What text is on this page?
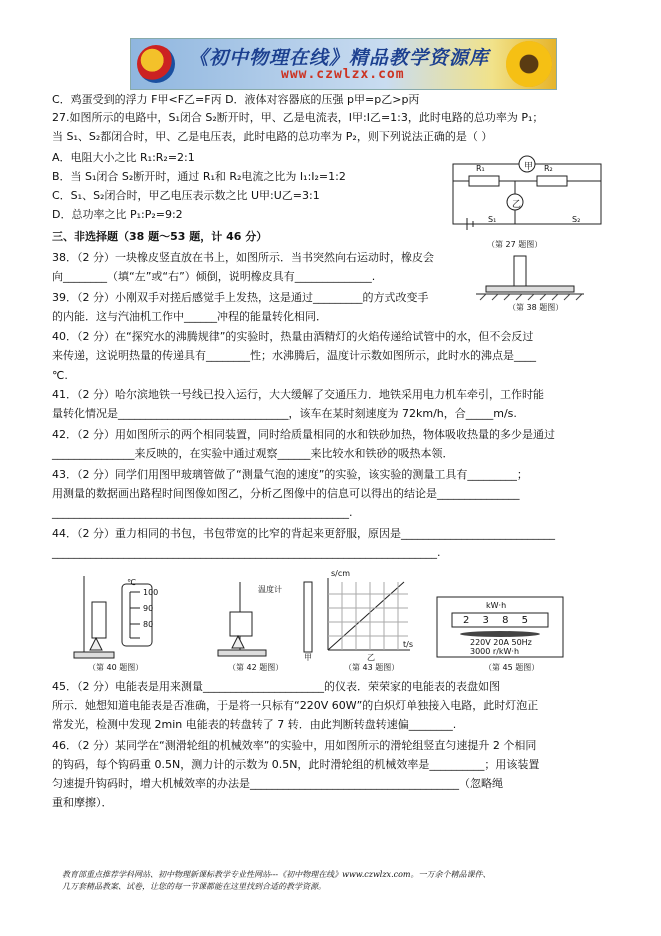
《初中物理在线》精品教学资源库
www.czwlzx.com
C．鸡蛋受到的浮力 F甲<F乙=F丙 D．液体对容器底的压强 p甲=p乙>p丙
27.如图所示的电路中，S₁闭合 S₂断开时，甲、乙是电流表，I甲:I乙=1:3，此时电路的总功率为 P₁；
当 S₁、S₂都闭合时，甲、乙是电压表，此时电路的总功率为 P₂，则下列说法正确的是（ ）
A．电阻大小之比 R₁:R₂=2:1
B．当 S₁闭合 S₂断开时，通过 R₁和 R₂电流之比为 I₁:I₂=1:2
C．S₁、S₂闭合时，甲乙电压表示数之比 U甲:U乙=3:1
D．总功率之比 P₁:P₂=9:2
三、非选择题（38 题～53 题，计 46 分）
38．（2 分）一块橡皮竖直放在书上，如图所示．当书突然向右运动时，橡皮会
向________（填“左”或“右”）倾倒，说明橡皮具有______________.
39．（2 分）小刚双手对搓后感觉手上发热，这是通过_________的方式改变手
的内能．这与汽油机工作中______冲程的能量转化相同．
40．（2 分）在“探究水的沸腾规律”的实验时，热量由酒精灯的火焰传递给试管中的水，但不会反过
来传递，这说明热量的传递具有________性；水沸腾后，温度计示数如图所示，此时水的沸点是____
℃.
41．（2 分）哈尔滨地铁一号线已投入运行，大大缓解了交通压力．地铁采用电力机车牵引，工作时能
量转化情况是_______________________________，该车在某时刻速度为 72km/h，合_____m/s.
42．（2 分）用如图所示的两个相同装置，同时给质量相同的水和铁砂加热，物体吸收热量的多少是通过
_______________来反映的，在实验中通过观察______来比较水和铁砂的吸热本领．
43．（2 分）同学们用图甲玻璃管做了“测量气泡的速度”的实验，该实验的测量工具有_________；
用测量的数据画出路程时间图像如图乙，分析乙图像中的信息可以得出的结论是_______________
______________________________________________________.
44．（2 分）重力相同的书包，书包带宽的比窄的背起来更舒服，原因是____________________________
______________________________________________________________________.
45．（2 分）电能表是用来测量______________________的仪表．荣荣家的电能表的表盘如图
所示．她想知道电能表是否准确，于是将一只标有“220V 60W”的白炽灯单独接入电路，此时灯泡正
常发光，检测中发现 2min 电能表的转盘转了 7 转．由此判断转盘转速偏________.
46．（2 分）某同学在“测滑轮组的机械效率”的实验中，用如图所示的滑轮组竖直匀速提升 2 个相同
的钩码，每个钩码重 0.5N，测力计的示数为 0.5N，此时滑轮组的机械效率是__________；用该装置
匀速提升钩码时，增大机械效率的办法是______________________________________（忽略绳
重和摩擦）．
甲
乙
R₁	R₂
S₁	S₂
（第 27 题图）
（第 38 题图）
℃
100
90
80
（第 40 题图）
温度计
（第 42 题图）
s/cm
t/s
甲	乙
（第 43 题图）
kW·h
2 3 8 5
220V 20A 50Hz
3000 r/kW·h
（第 45 题图）
教育部重点推荐学科网站、初中物理新课标教学专业性网站---《初中物理在线》www.czwlzx.com。一万余个精品课件、
几万套精品教案、试卷，让您的每一节课都能在这里找到合适的教学资源。
